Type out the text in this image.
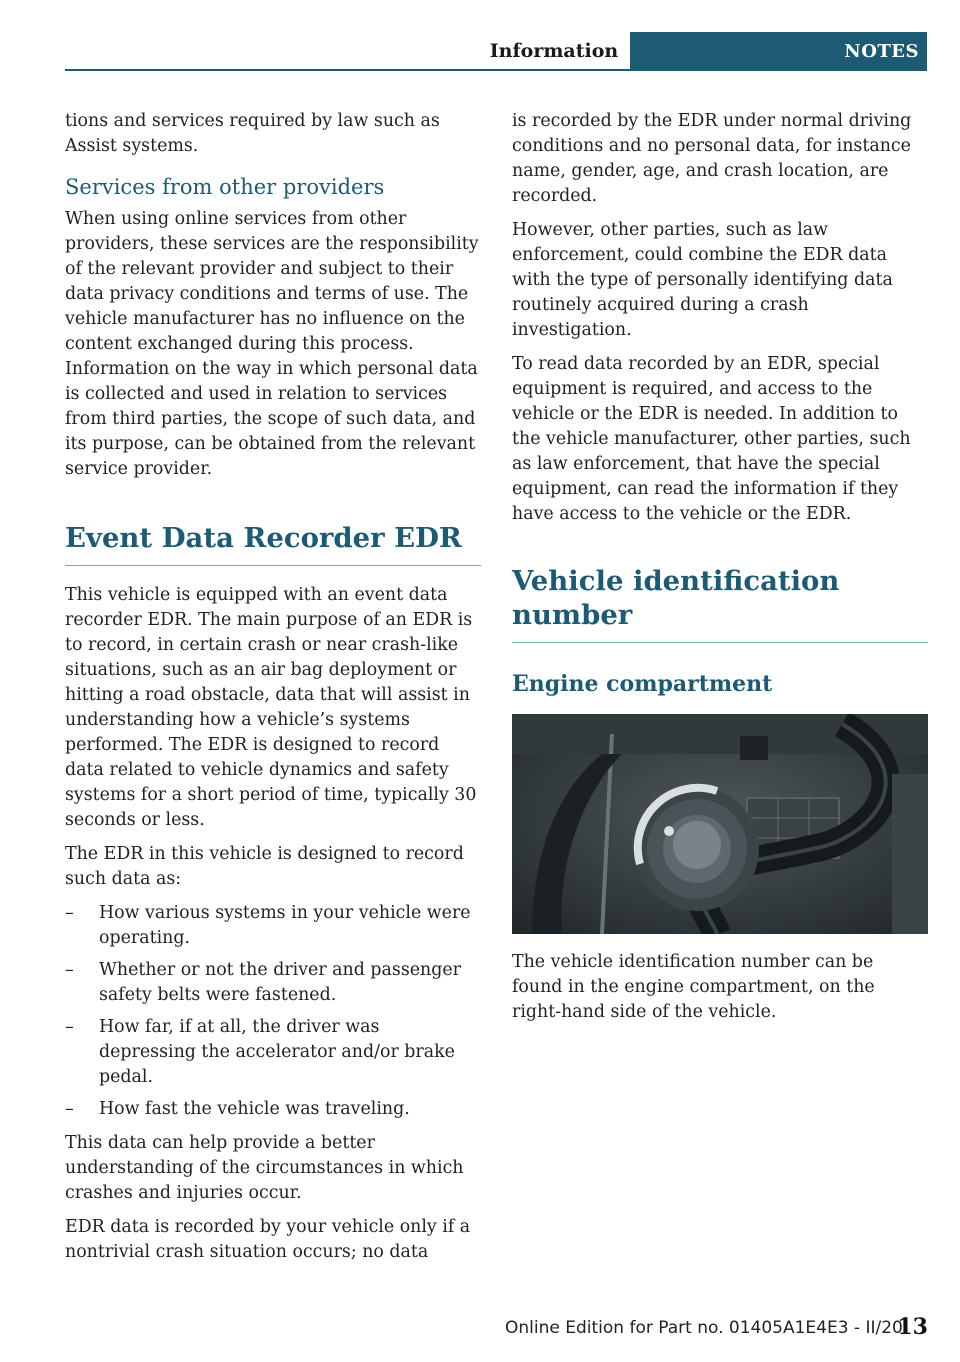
Information	NOTES

tions and services required by law such as Assist systems.

Services from other providers

When using online services from other providers, these services are the responsibility of the relevant provider and subject to their data privacy conditions and terms of use. The vehicle manufacturer has no influence on the content exchanged during this process. Information on the way in which personal data is collected and used in relation to services from third parties, the scope of such data, and its purpose, can be obtained from the relevant service provider.

Event Data Recorder EDR

This vehicle is equipped with an event data recorder EDR. The main purpose of an EDR is to record, in certain crash or near crash-like situations, such as an air bag deployment or hitting a road obstacle, data that will assist in understanding how a vehicle’s systems performed. The EDR is designed to record data related to vehicle dynamics and safety systems for a short period of time, typically 30 seconds or less.

The EDR in this vehicle is designed to record such data as:

– How various systems in your vehicle were operating.
– Whether or not the driver and passenger safety belts were fastened.
– How far, if at all, the driver was depressing the accelerator and/or brake pedal.
– How fast the vehicle was traveling.

This data can help provide a better understanding of the circumstances in which crashes and injuries occur.

EDR data is recorded by your vehicle only if a nontrivial crash situation occurs; no data

is recorded by the EDR under normal driving conditions and no personal data, for instance name, gender, age, and crash location, are recorded.

However, other parties, such as law enforcement, could combine the EDR data with the type of personally identifying data routinely acquired during a crash investigation.

To read data recorded by an EDR, special equipment is required, and access to the vehicle or the EDR is needed. In addition to the vehicle manufacturer, other parties, such as law enforcement, that have the special equipment, can read the information if they have access to the vehicle or the EDR.

Vehicle identification number
Engine compartment

The vehicle identification number can be found in the engine compartment, on the right-hand side of the vehicle.

Online Edition for Part no. 01405A1E4E3 - II/20
13
